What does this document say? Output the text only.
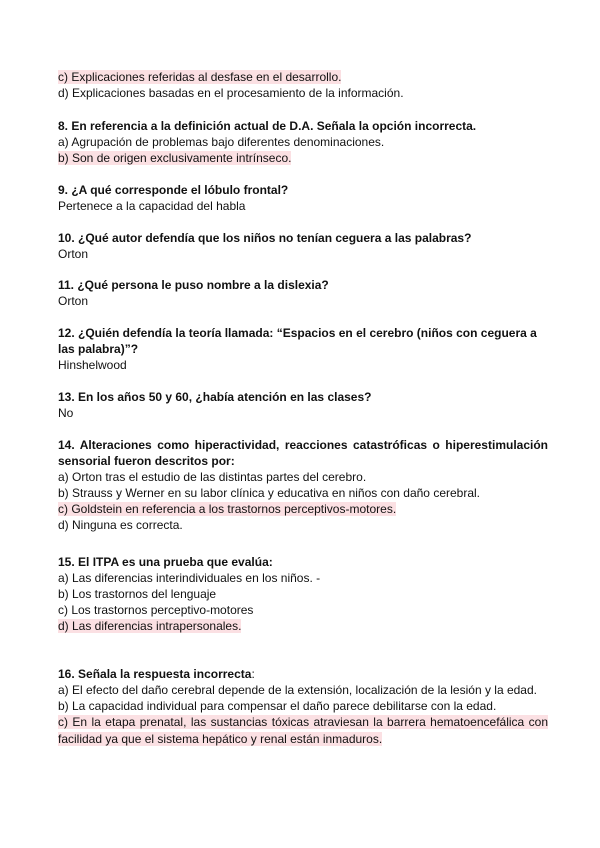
c) Explicaciones referidas al desfase en el desarrollo.
d) Explicaciones basadas en el procesamiento de la información.
8. En referencia a la definición actual de D.A. Señala la opción incorrecta.
a) Agrupación de problemas bajo diferentes denominaciones.
b) Son de origen exclusivamente intrínseco.
9. ¿A qué corresponde el lóbulo frontal?
Pertenece a la capacidad del habla
10. ¿Qué autor defendía que los niños no tenían ceguera a las palabras?
Orton
11. ¿Qué persona le puso nombre a la dislexia?
Orton
12. ¿Quién defendía la teoría llamada: “Espacios en el cerebro (niños con ceguera a las palabra)”?
Hinshelwood
13. En los años 50 y 60, ¿había atención en las clases?
No
14. Alteraciones como hiperactividad, reacciones catastróficas o hiperestimulación sensorial fueron descritos por:
a) Orton tras el estudio de las distintas partes del cerebro.
b) Strauss y Werner en su labor clínica y educativa en niños con daño cerebral.
c) Goldstein en referencia a los trastornos perceptivos-motores.
d) Ninguna es correcta.
15. El ITPA es una prueba que evalúa:
a) Las diferencias interindividuales en los niños. -
b) Los trastornos del lenguaje
c) Los trastornos perceptivo-motores
d) Las diferencias intrapersonales.
16. Señala la respuesta incorrecta:
a) El efecto del daño cerebral depende de la extensión, localización de la lesión y la edad.
b) La capacidad individual para compensar el daño parece debilitarse con la edad.
c) En la etapa prenatal, las sustancias tóxicas atraviesan la barrera hematoencefálica con facilidad ya que el sistema hepático y renal están inmaduros.
